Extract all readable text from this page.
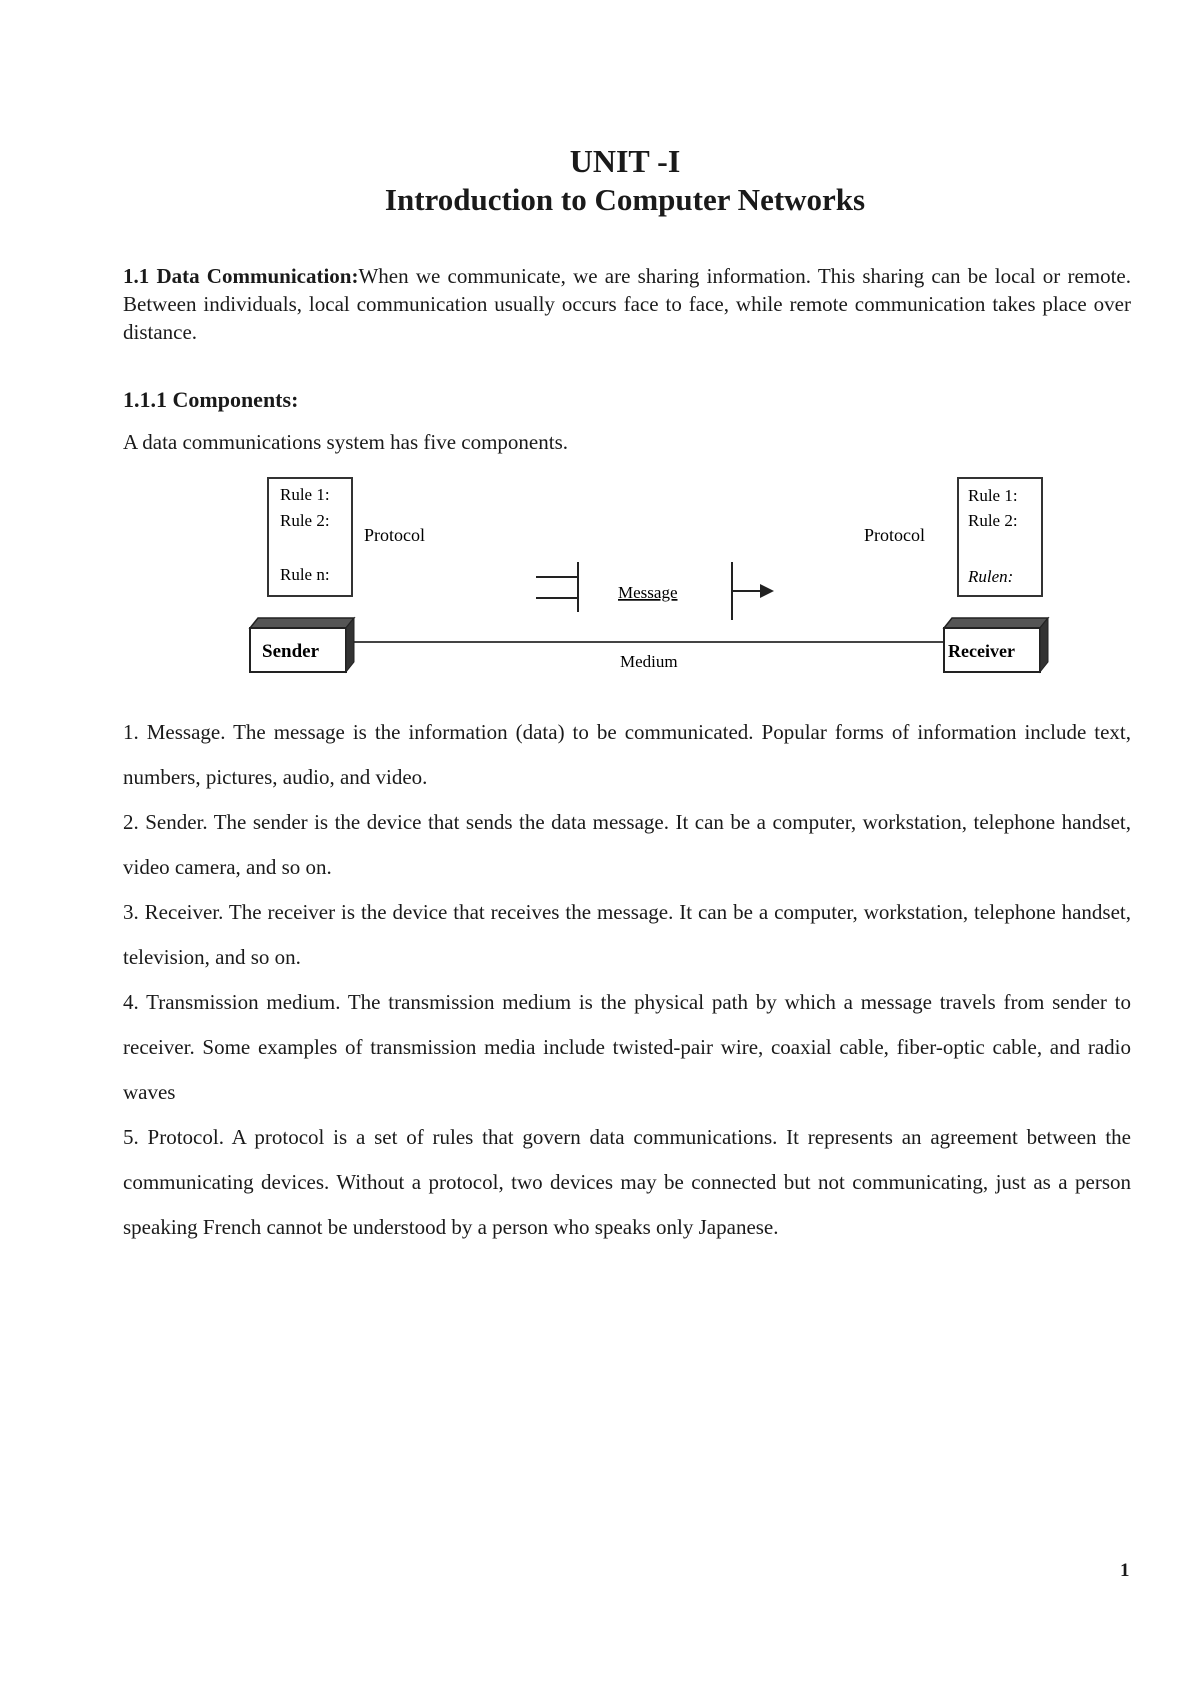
UNIT -I
Introduction to Computer Networks
1.1 Data Communication:When we communicate, we are sharing information. This sharing can be local or remote. Between individuals, local communication usually occurs face to face, while remote communication takes place over distance.
1.1.1 Components:
A data communications system has five components.
Rule 1:
Rule 2:
Rule n:
Protocol
Rule 1:
Rule 2:
Rulen:
Protocol
Message
Medium
Sender	Receiver

1. Message. The message is the information (data) to be communicated. Popular forms of information include text, numbers, pictures, audio, and video.

2. Sender. The sender is the device that sends the data message. It can be a computer, workstation, telephone handset, video camera, and so on.

3. Receiver. The receiver is the device that receives the message. It can be a computer, workstation, telephone handset, television, and so on.

4. Transmission medium. The transmission medium is the physical path by which a message travels from sender to receiver. Some examples of transmission media include twisted-pair wire, coaxial cable, fiber-optic cable, and radio waves

5. Protocol. A protocol is a set of rules that govern data communications. It represents an agreement between the communicating devices. Without a protocol, two devices may be connected but not communicating, just as a person speaking French cannot be understood by a person who speaks only Japanese.

1
